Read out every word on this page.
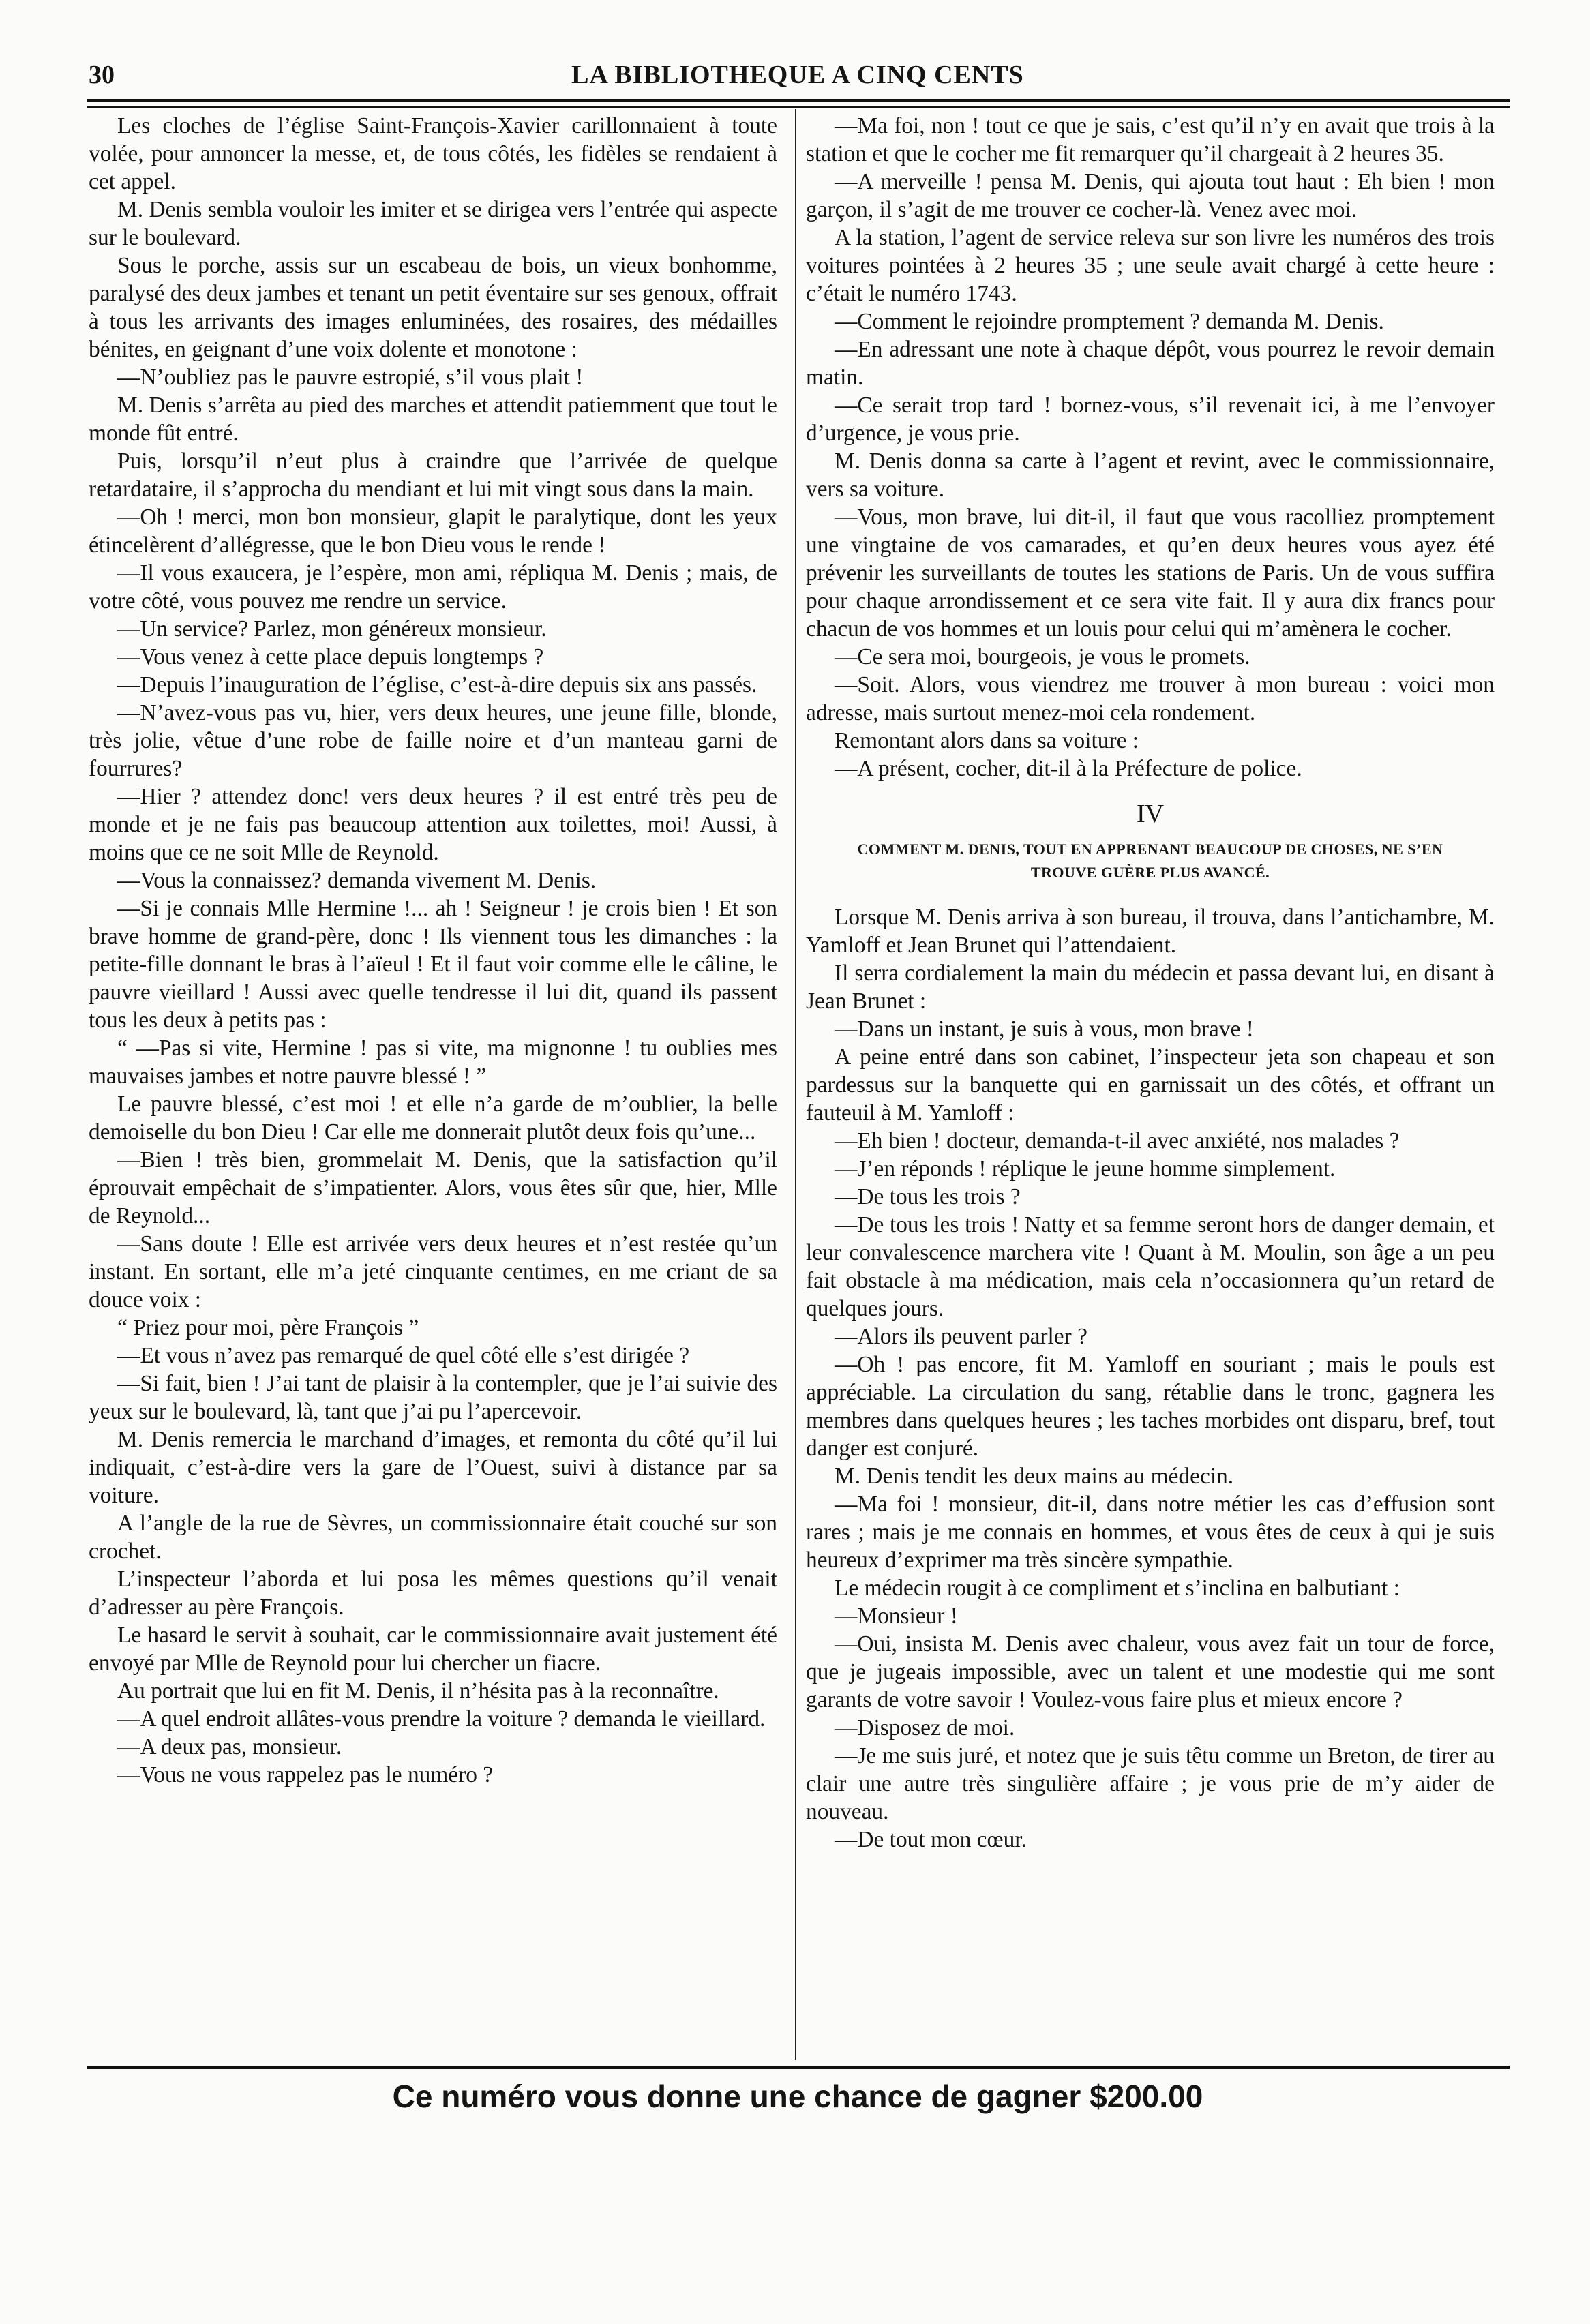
30	LA BIBLIOTHEQUE A CINQ CENTS

Les cloches de l’église Saint-François-Xavier carillonnaient à toute volée, pour annoncer la messe, et, de tous côtés, les fidèles se rendaient à cet appel.

M. Denis sembla vouloir les imiter et se dirigea vers l’entrée qui aspecte sur le boulevard.

Sous le porche, assis sur un escabeau de bois, un vieux bonhomme, paralysé des deux jambes et tenant un petit éventaire sur ses genoux, offrait à tous les arrivants des images enluminées, des rosaires, des médailles bénites, en geignant d’une voix dolente et monotone :

—N’oubliez pas le pauvre estropié, s’il vous plait !

M. Denis s’arrêta au pied des marches et attendit patiemment que tout le monde fût entré.

Puis, lorsqu’il n’eut plus à craindre que l’arrivée de quelque retardataire, il s’approcha du mendiant et lui mit vingt sous dans la main.

—Oh ! merci, mon bon monsieur, glapit le paralytique, dont les yeux étincelèrent d’allégresse, que le bon Dieu vous le rende !

—Il vous exaucera, je l’espère, mon ami, répliqua M. Denis ; mais, de votre côté, vous pouvez me rendre un service.

—Un service? Parlez, mon généreux monsieur.

—Vous venez à cette place depuis longtemps ?

—Depuis l’inauguration de l’église, c’est-à-dire depuis six ans passés.

—N’avez-vous pas vu, hier, vers deux heures, une jeune fille, blonde, très jolie, vêtue d’une robe de faille noire et d’un manteau garni de fourrures?

—Hier ? attendez donc! vers deux heures ? il est entré très peu de monde et je ne fais pas beaucoup attention aux toilettes, moi! Aussi, à moins que ce ne soit Mlle de Reynold.

—Vous la connaissez? demanda vivement M. Denis.

—Si je connais Mlle Hermine !... ah ! Seigneur ! je crois bien ! Et son brave homme de grand-père, donc ! Ils viennent tous les dimanches : la petite-fille donnant le bras à l’aïeul ! Et il faut voir comme elle le câline, le pauvre vieillard ! Aussi avec quelle tendresse il lui dit, quand ils passent tous les deux à petits pas :

“ —Pas si vite, Hermine ! pas si vite, ma mignonne ! tu oublies mes mauvaises jambes et notre pauvre blessé ! ”

Le pauvre blessé, c’est moi ! et elle n’a garde de m’oublier, la belle demoiselle du bon Dieu ! Car elle me donnerait plutôt deux fois qu’une...

—Bien ! très bien, grommelait M. Denis, que la satisfaction qu’il éprouvait empêchait de s’impatienter. Alors, vous êtes sûr que, hier, Mlle de Reynold...

—Sans doute ! Elle est arrivée vers deux heures et n’est restée qu’un instant. En sortant, elle m’a jeté cinquante centimes, en me criant de sa douce voix :

“ Priez pour moi, père François ”

—Et vous n’avez pas remarqué de quel côté elle s’est dirigée ?

—Si fait, bien ! J’ai tant de plaisir à la contempler, que je l’ai suivie des yeux sur le boulevard, là, tant que j’ai pu l’apercevoir.

M. Denis remercia le marchand d’images, et remonta du côté qu’il lui indiquait, c’est-à-dire vers la gare de l’Ouest, suivi à distance par sa voiture.

A l’angle de la rue de Sèvres, un commissionnaire était couché sur son crochet.

L’inspecteur l’aborda et lui posa les mêmes questions qu’il venait d’adresser au père François.

Le hasard le servit à souhait, car le commissionnaire avait justement été envoyé par Mlle de Reynold pour lui chercher un fiacre.

Au portrait que lui en fit M. Denis, il n’hésita pas à la reconnaître.

—A quel endroit allâtes-vous prendre la voiture ? demanda le vieillard.

—A deux pas, monsieur.

—Vous ne vous rappelez pas le numéro ?

—Ma foi, non ! tout ce que je sais, c’est qu’il n’y en avait que trois à la station et que le cocher me fit remarquer qu’il chargeait à 2 heures 35.

—A merveille ! pensa M. Denis, qui ajouta tout haut : Eh bien ! mon garçon, il s’agit de me trouver ce cocher-là. Venez avec moi.

A la station, l’agent de service releva sur son livre les numéros des trois voitures pointées à 2 heures 35 ; une seule avait chargé à cette heure : c’était le numéro 1743.

—Comment le rejoindre promptement ? demanda M. Denis.

—En adressant une note à chaque dépôt, vous pourrez le revoir demain matin.

—Ce serait trop tard ! bornez-vous, s’il revenait ici, à me l’envoyer d’urgence, je vous prie.

M. Denis donna sa carte à l’agent et revint, avec le commissionnaire, vers sa voiture.

—Vous, mon brave, lui dit-il, il faut que vous racolliez promptement une vingtaine de vos camarades, et qu’en deux heures vous ayez été prévenir les surveillants de toutes les stations de Paris. Un de vous suffira pour chaque arrondissement et ce sera vite fait. Il y aura dix francs pour chacun de vos hommes et un louis pour celui qui m’amènera le cocher.

—Ce sera moi, bourgeois, je vous le promets.

—Soit. Alors, vous viendrez me trouver à mon bureau : voici mon adresse, mais surtout menez-moi cela rondement.

Remontant alors dans sa voiture :

—A présent, cocher, dit-il à la Préfecture de police.

IV
COMMENT M. DENIS, TOUT EN APPRENANT BEAUCOUP DE CHOSES, NE S’EN TROUVE GUÈRE PLUS AVANCÉ.

Lorsque M. Denis arriva à son bureau, il trouva, dans l’antichambre, M. Yamloff et Jean Brunet qui l’attendaient.

Il serra cordialement la main du médecin et passa devant lui, en disant à Jean Brunet :

—Dans un instant, je suis à vous, mon brave !

A peine entré dans son cabinet, l’inspecteur jeta son chapeau et son pardessus sur la banquette qui en garnissait un des côtés, et offrant un fauteuil à M. Yamloff :

—Eh bien ! docteur, demanda-t-il avec anxiété, nos malades ?

—J’en réponds ! réplique le jeune homme simplement.

—De tous les trois ?

—De tous les trois ! Natty et sa femme seront hors de danger demain, et leur convalescence marchera vite ! Quant à M. Moulin, son âge a un peu fait obstacle à ma médication, mais cela n’occasionnera qu’un retard de quelques jours.

—Alors ils peuvent parler ?

—Oh ! pas encore, fit M. Yamloff en souriant ; mais le pouls est appréciable. La circulation du sang, rétablie dans le tronc, gagnera les membres dans quelques heures ; les taches morbides ont disparu, bref, tout danger est conjuré.

M. Denis tendit les deux mains au médecin.

—Ma foi ! monsieur, dit-il, dans notre métier les cas d’effusion sont rares ; mais je me connais en hommes, et vous êtes de ceux à qui je suis heureux d’exprimer ma très sincère sympathie.

Le médecin rougit à ce compliment et s’inclina en balbutiant :

—Monsieur !

—Oui, insista M. Denis avec chaleur, vous avez fait un tour de force, que je jugeais impossible, avec un talent et une modestie qui me sont garants de votre savoir ! Voulez-vous faire plus et mieux encore ?

—Disposez de moi.

—Je me suis juré, et notez que je suis têtu comme un Breton, de tirer au clair une autre très singulière affaire ; je vous prie de m’y aider de nouveau.

—De tout mon cœur.

Ce numéro vous donne une chance de gagner $200.00
